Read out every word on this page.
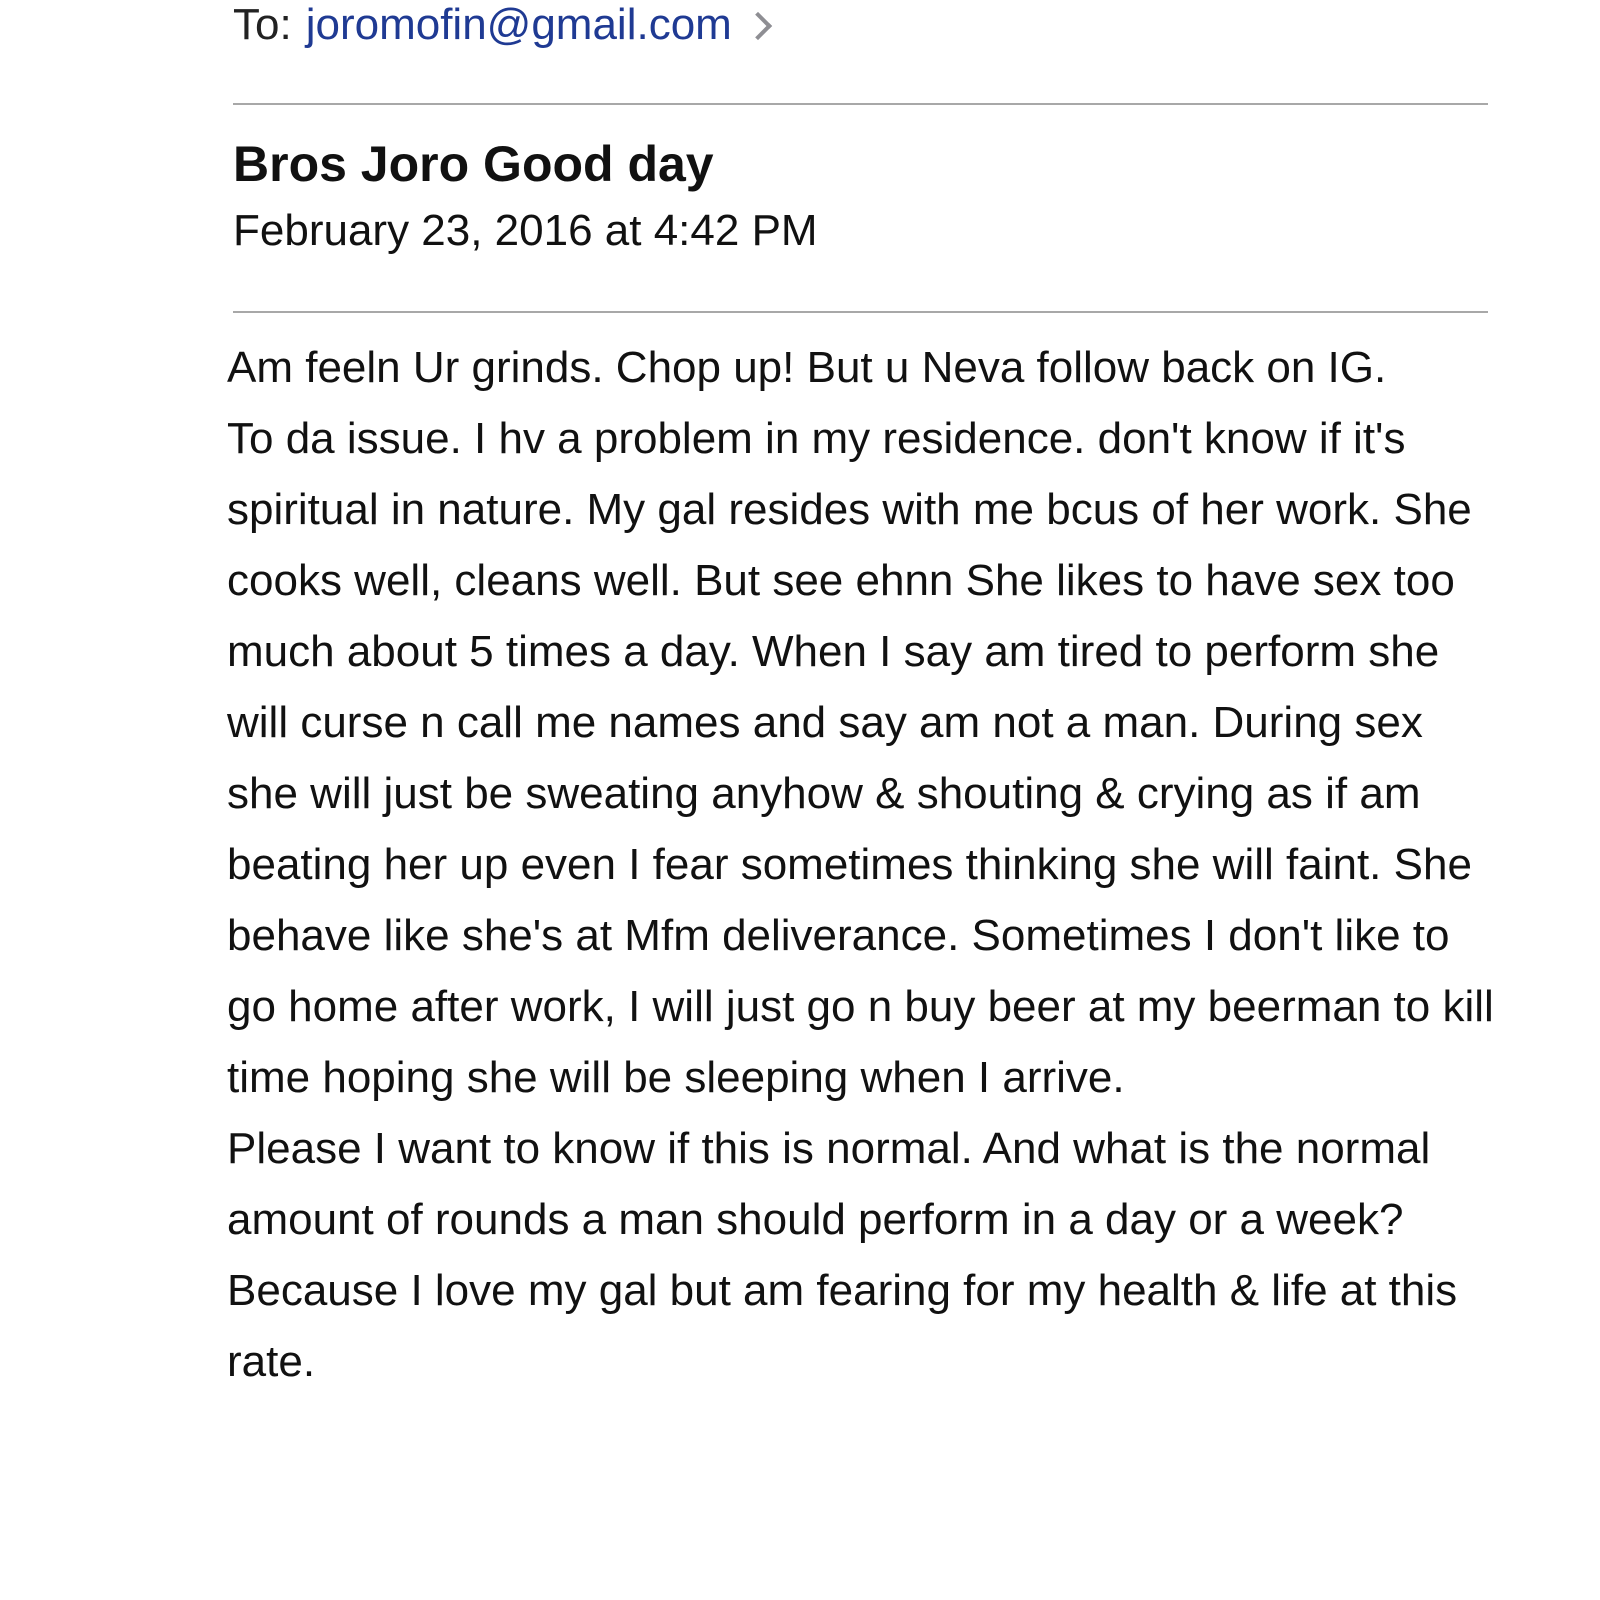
To: joromofin@gmail.com
Bros Joro Good day
February 23, 2016 at 4:42 PM

Am feeln Ur grinds. Chop up! But u Neva follow back on IG.

To da issue. I hv a problem in my residence. don't know if it's spiritual in nature. My gal resides with me bcus of her work. She cooks well, cleans well. But see ehnn She likes to have sex too much about 5 times a day. When I say am tired to perform she will curse n call me names and say am not a man. During sex she will just be sweating anyhow & shouting & crying as if am beating her up even I fear sometimes thinking she will faint. She behave like she's at Mfm deliverance. Sometimes I don't like to go home after work, I will just go n buy beer at my beerman to kill time hoping she will be sleeping when I arrive.

Please I want to know if this is normal. And what is the normal amount of rounds a man should perform in a day or a week? Because I love my gal but am fearing for my health & life at this rate.
